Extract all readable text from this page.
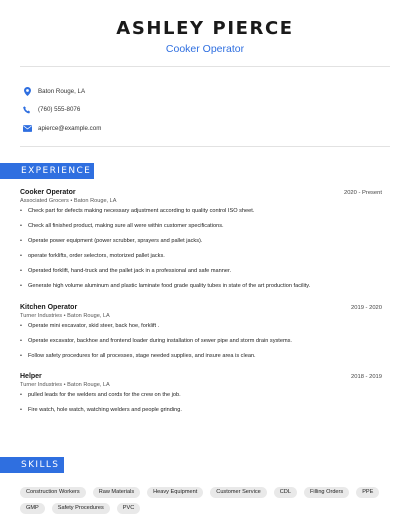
ASHLEY PIERCE
Cooker Operator
Baton Rouge, LA
(760) 555-8076
apierce@example.com
EXPERIENCE
Cooker Operator	2020 - Present
Associated Grocers • Baton Rouge, LA
• Check part for defects making necessary adjustment according to quality control ISO sheet.
• Check all finished product, making sure all were within customer specifications.
• Operate power equipment (power scrubber, sprayers and pallet jacks).
• operate forklifts, order selectors, motorized pallet jacks.
• Operated forklift, hand-truck and the pallet jack in a professional and safe manner.
• Generate high volume aluminum and plastic laminate food grade quality tubes in state of the art production facility.
Kitchen Operator	2019 - 2020
Turner Industries • Baton Rouge, LA
• Operate mini excavator, skid steer, back hoe, forklift .
• Operate excavator, backhoe and frontend loader during installation of sewer pipe and storm drain systems.
• Follow safety procedures for all processes, stage needed supplies, and insure area is clean.
Helper	2018 - 2019
Turner Industries • Baton Rouge, LA
• pulled leads for the welders and cords for the crew on the job.
• Fire watch, hole watch, watching welders and people grinding.
SKILLS
Construction Workers	Raw Materials	Heavy Equipment	Customer Service	CDL	Filling Orders	PPE
GMP	Safety Procedures	PVC
